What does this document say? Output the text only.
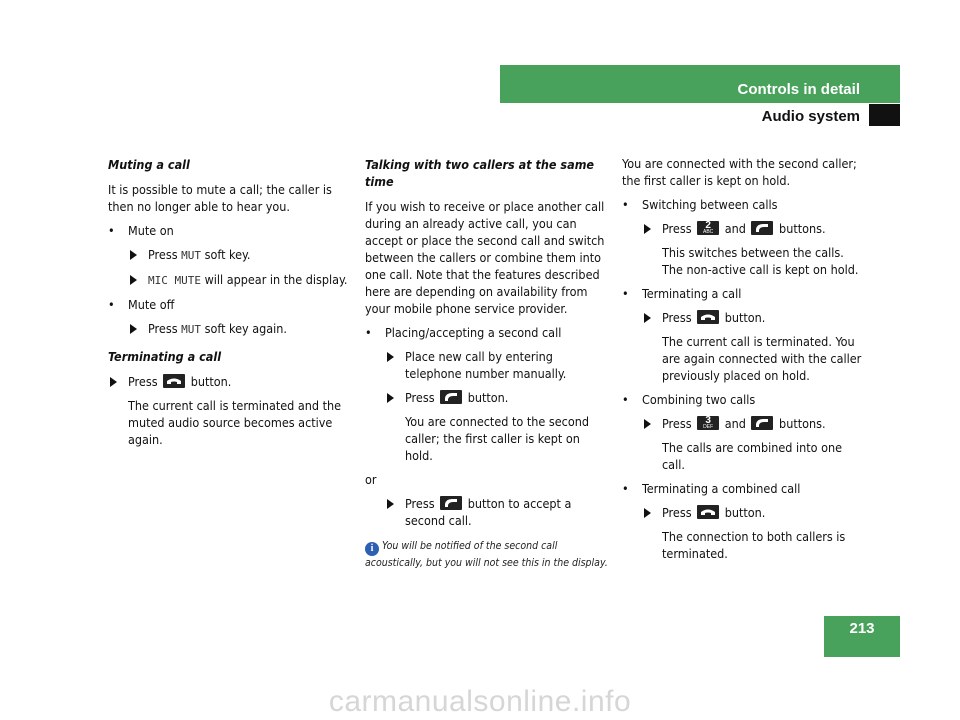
Controls in detail
Audio system
Muting a call
It is possible to mute a call; the caller is then no longer able to hear you.
• Mute on
Press MUT soft key.
MIC MUTE will appear in the display.
• Mute off
Press MUT soft key again.
Terminating a call
Press	button.
The current call is terminated and the muted audio source becomes active again.
Talking with two callers at the same time
If you wish to receive or place another call during an already active call, you can accept or place the second call and switch between the callers or combine them into one call. Note that the features described here are depending on availability from your mobile phone service provider.
• Placing/accepting a second call
Place new call by entering telephone number manually.
Press	button.
You are connected to the second caller; the first caller is kept on hold.
or
Press	button to accept a second call.
i You will be notified of the second call acoustically, but you will not see this in the display.
You are connected with the second caller; the first caller is kept on hold.
• Switching between calls
Press	2
ABC and	buttons.
This switches between the calls. The non-active call is kept on hold.
• Terminating a call
Press	button.
The current call is terminated. You are again connected with the caller previously placed on hold.
• Combining two calls
Press	3
DEF and	buttons.
The calls are combined into one call.
• Terminating a combined call
Press	button.
The connection to both callers is terminated.
213
carmanualsonline.info
